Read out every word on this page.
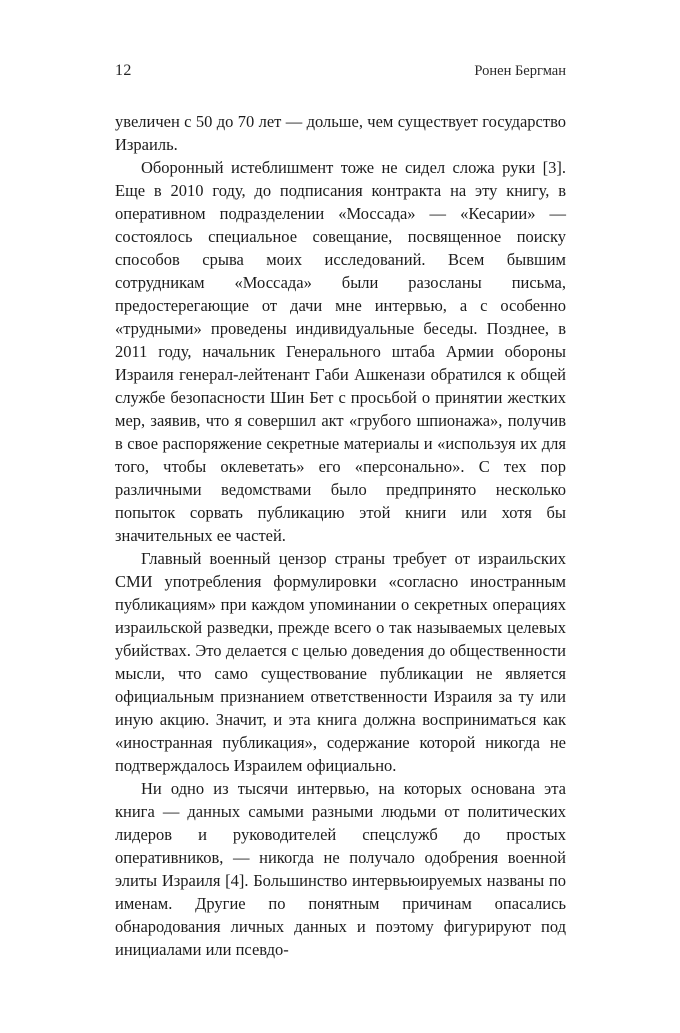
12	Ронен Бергман

увеличен с 50 до 70 лет — дольше, чем существует государство Израиль.

Оборонный истеблишмент тоже не сидел сложа руки [3]. Еще в 2010 году, до подписания контракта на эту книгу, в оперативном подразделении «Моссада» — «Кесарии» — состоялось специальное совещание, посвященное поиску способов срыва моих исследований. Всем бывшим сотрудникам «Моссада» были разосланы письма, предостерегающие от дачи мне интервью, а с особенно «трудными» проведены индивидуальные беседы. Позднее, в 2011 году, начальник Генерального штаба Армии обороны Израиля генерал-лейтенант Габи Ашкенази обратился к общей службе безопасности Шин Бет с просьбой о принятии жестких мер, заявив, что я совершил акт «грубого шпионажа», получив в свое распоряжение секретные материалы и «используя их для того, чтобы оклеветать» его «персонально». С тех пор различными ведомствами было предпринято несколько попыток сорвать публикацию этой книги или хотя бы значительных ее частей.

Главный военный цензор страны требует от израильских СМИ употребления формулировки «согласно иностранным публикациям» при каждом упоминании о секретных операциях израильской разведки, прежде всего о так называемых целевых убийствах. Это делается с целью доведения до общественности мысли, что само существование публикации не является официальным признанием ответственности Израиля за ту или иную акцию. Значит, и эта книга должна восприниматься как «иностранная публикация», содержание которой никогда не подтверждалось Израилем официально.

Ни одно из тысячи интервью, на которых основана эта книга — данных самыми разными людьми от политических лидеров и руководителей спецслужб до простых оперативников, — никогда не получало одобрения военной элиты Израиля [4]. Большинство интервьюируемых названы по именам. Другие по понятным причинам опасались обнародования личных данных и поэтому фигурируют под инициалами или псевдо-
